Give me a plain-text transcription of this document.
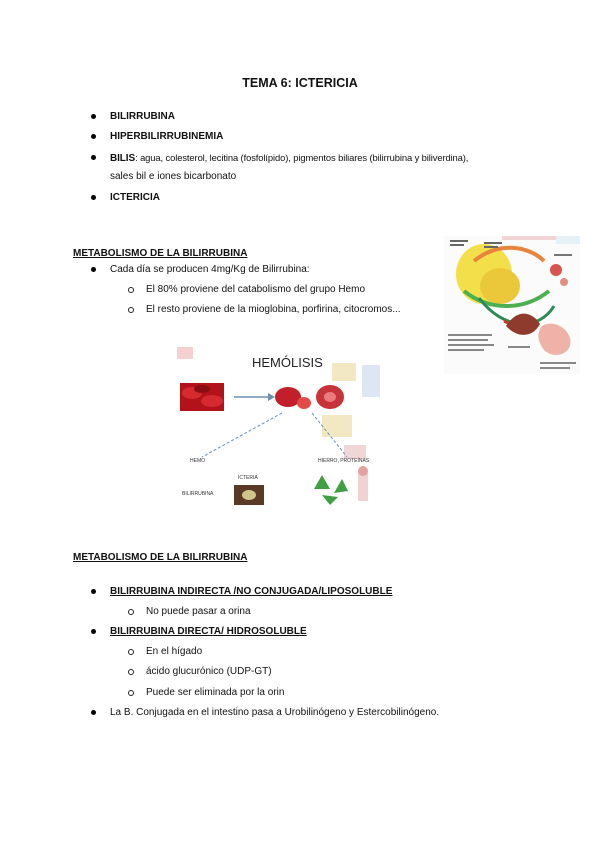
TEMA 6: ICTERICIA
BILIRRUBINA
HIPERBILIRRUBINEMIA
BILIS: agua, colesterol, lecitina (fosfolípido), pigmentos biliares (bilirrubina y biliverdina),
sales bil e iones bicarbonato
ICTERICIA
METABOLISMO DE LA BILIRRUBINA
Cada día se producen 4mg/Kg de Bilirrubina:
El 80% proviene del catabolismo del grupo Hemo
El resto proviene de la mioglobina, porfirina, citocromos...
HEMÓLISIS
HEMO
BILIRRUBINA
ICTERIA
HIERRO, PROTEÍNAS
METABOLISMO DE LA BILIRRUBINA
BILIRRUBINA INDIRECTA /NO CONJUGADA/LIPOSOLUBLE
No puede pasar a orina
BILIRRUBINA DIRECTA/ HIDROSOLUBLE
En el hígado
ácido glucurónico (UDP-GT)
Puede ser eliminada por la orin
La B. Conjugada en el intestino pasa a Urobilinógeno y Estercobilinógeno.
